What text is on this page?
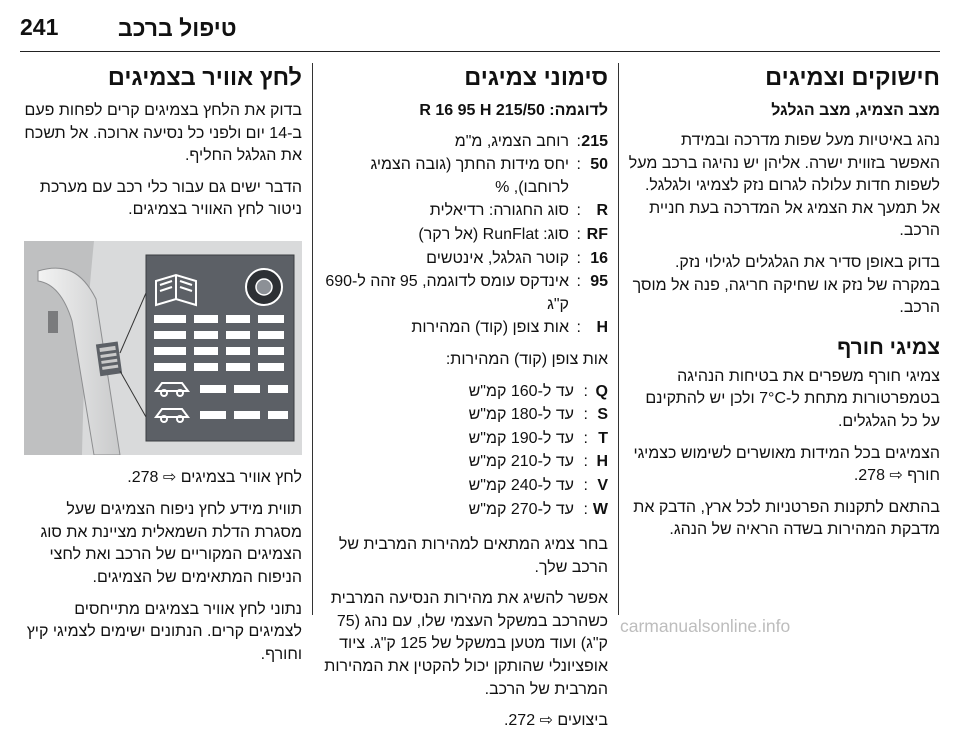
241	טיפול ברכב
חישוקים וצמיגים
מצב הצמיג, מצב הגלגל

נהג באיטיות מעל שפות מדרכה ובמידת האפשר בזווית ישרה. אליהן יש נהיגה ברכב מעל לשפות חדות עלולה לגרום נזק לצמיגי ולגלגל. אל תמעך את הצמיג אל המדרכה בעת חניית הרכב.

בדוק באופן סדיר את הגלגלים לגילוי נזק. במקרה של נזק או שחיקה חריגה, פנה אל מוסך הרכב.

צמיגי חורף

צמיגי חורף משפרים את בטיחות הנהיגה בטמפרטורות מתחת ל-7°C ולכן יש להתקינם על כל הגלגלים.

הצמיגים בכל המידות מאושרים לשימוש כצמיגי חורף ⇨ 278.

בהתאם לתקנות הפרטניות לכל ארץ, הדבק את מדבקת המהירות בשדה הראיה של הנהג.

סימוני צמיגים
לדוגמה: 215/50 R 16 95 H
215	:	רוחב הצמיג, מ"מ
50	:	יחס מידות החתך (גובה הצמיג לרוחבו), %
R	:	סוג החגורה: רדיאלית
RF	:	סוג: RunFlat (אל רקר)
16	:	קוטר הגלגל, אינטשים
95	:	אינדקס עומס לדוגמה, 95 זהה ל-690 ק"ג
H	:	אות צופן (קוד) המהירות

אות צופן (קוד) המהירות:

Q	:	עד ל-160 קמ"ש
S	:	עד ל-180 קמ"ש
T	:	עד ל-190 קמ"ש
H	:	עד ל-210 קמ"ש
V	:	עד ל-240 קמ"ש
W	:	עד ל-270 קמ"ש

בחר צמיג המתאים למהירות המרבית של הרכב שלך.

אפשר להשיג את מהירות הנסיעה המרבית כשהרכב במשקל העצמי שלו, עם נהג (75 ק"ג) ועוד מטען במשקל של 125 ק"ג. ציוד אופציונלי שהותקן יכול להקטין את המהירות המרבית של הרכב.

ביצועים ⇨ 272.

לחץ אוויר בצמיגים

בדוק את הלחץ בצמיגים קרים לפחות פעם ב-14 יום ולפני כל נסיעה ארוכה. אל תשכח את הגלגל החליף.

הדבר ישים גם עבור כלי רכב עם מערכת ניטור לחץ האוויר בצמיגים.

לחץ אוויר בצמיגים ⇨ 278.

תווית מידע לחץ ניפוח הצמיגים שעל מסגרת הדלת השמאלית מציינת את סוג הצמיגים המקוריים של הרכב ואת לחצי הניפוח המתאימים של הצמיגים.

נתוני לחץ אוויר בצמיגים מתייחסים לצמיגים קרים. הנתונים ישימים לצמיגי קיץ וחורף.

carmanualsonline.info
